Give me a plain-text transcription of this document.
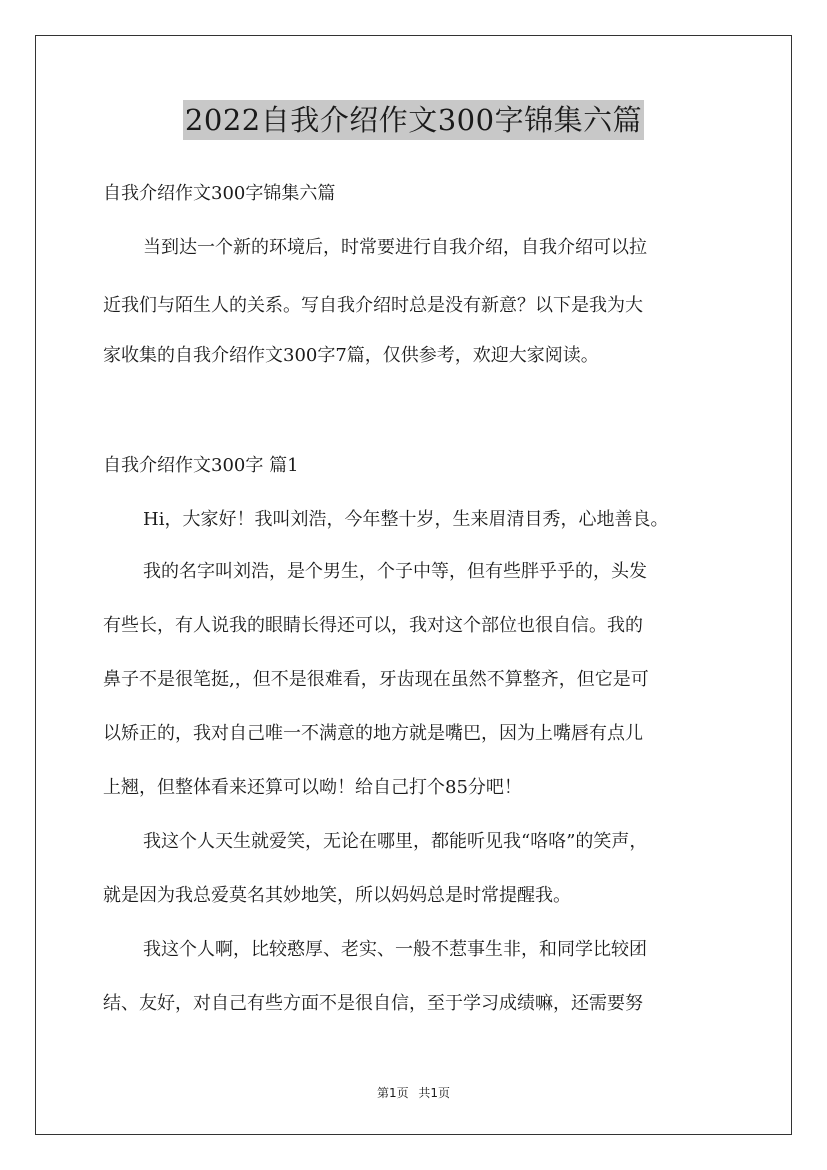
2022自我介绍作文300字锦集六篇
自我介绍作文300字锦集六篇
当到达一个新的环境后，时常要进行自我介绍，自我介绍可以拉
近我们与陌生人的关系。写自我介绍时总是没有新意？以下是我为大
家收集的自我介绍作文300字7篇，仅供参考，欢迎大家阅读。
自我介绍作文300字 篇1
Hi，大家好！我叫刘浩，今年整十岁，生来眉清目秀，心地善良。
我的名字叫刘浩，是个男生，个子中等，但有些胖乎乎的，头发
有些长，有人说我的眼睛长得还可以，我对这个部位也很自信。我的
鼻子不是很笔挺,，但不是很难看，牙齿现在虽然不算整齐，但它是可
以矫正的，我对自己唯一不满意的地方就是嘴巴，因为上嘴唇有点儿
上翘，但整体看来还算可以呦！给自己打个85分吧！
我这个人天生就爱笑，无论在哪里，都能听见我“咯咯”的笑声，
就是因为我总爱莫名其妙地笑，所以妈妈总是时常提醒我。
我这个人啊，比较憨厚、老实、一般不惹事生非，和同学比较团
结、友好，对自己有些方面不是很自信，至于学习成绩嘛，还需要努
第1页 共1页
